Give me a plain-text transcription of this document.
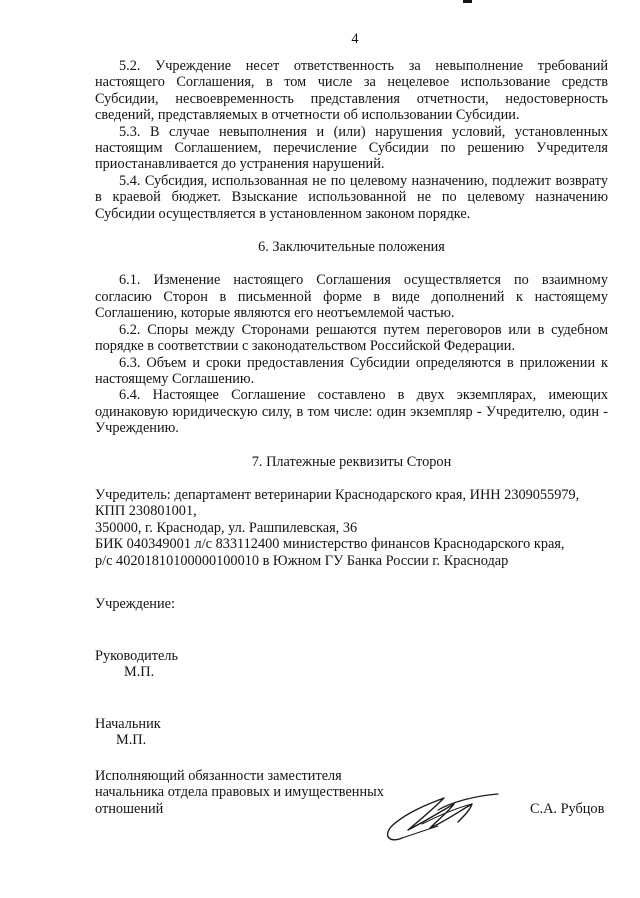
4

5.2. Учреждение несет ответственность за невыполнение требований настоящего Соглашения, в том числе за нецелевое использование средств Субсидии, несвоевременность представления отчетности, недостоверность сведений, представляемых в отчетности об использовании Субсидии.

5.3. В случае невыполнения и (или) нарушения условий, установленных настоящим Соглашением, перечисление Субсидии по решению Учредителя приостанавливается до устранения нарушений.

5.4. Субсидия, использованная не по целевому назначению, подлежит возврату в краевой бюджет. Взыскание использованной не по целевому назначению Субсидии осуществляется в установленном законом порядке.

6. Заключительные положения

6.1. Изменение настоящего Соглашения осуществляется по взаимному согласию Сторон в письменной форме в виде дополнений к настоящему Соглашению, которые являются его неотъемлемой частью.

6.2. Споры между Сторонами решаются путем переговоров или в судебном порядке в соответствии с законодательством Российской Федерации.

6.3. Объем и сроки предоставления Субсидии определяются в приложении к настоящему Соглашению.

6.4. Настоящее Соглашение составлено в двух экземплярах, имеющих одинаковую юридическую силу, в том числе: один экземпляр - Учредителю, один - Учреждению.

7. Платежные реквизиты Сторон

Учредитель: департамент ветеринарии Краснодарского края, ИНН 2309055979,

КПП 230801001,

350000, г. Краснодар, ул. Рашпилевская, 36

БИК 040349001 л/с 833112400 министерство финансов Краснодарского края,

р/с 40201810100000100010 в Южном ГУ Банка России г. Краснодар

Учреждение:

Руководитель

М.П.

Начальник

М.П.

Исполняющий обязанности заместителя
начальника отдела правовых и имущественных
отношений	С.А. Рубцов
